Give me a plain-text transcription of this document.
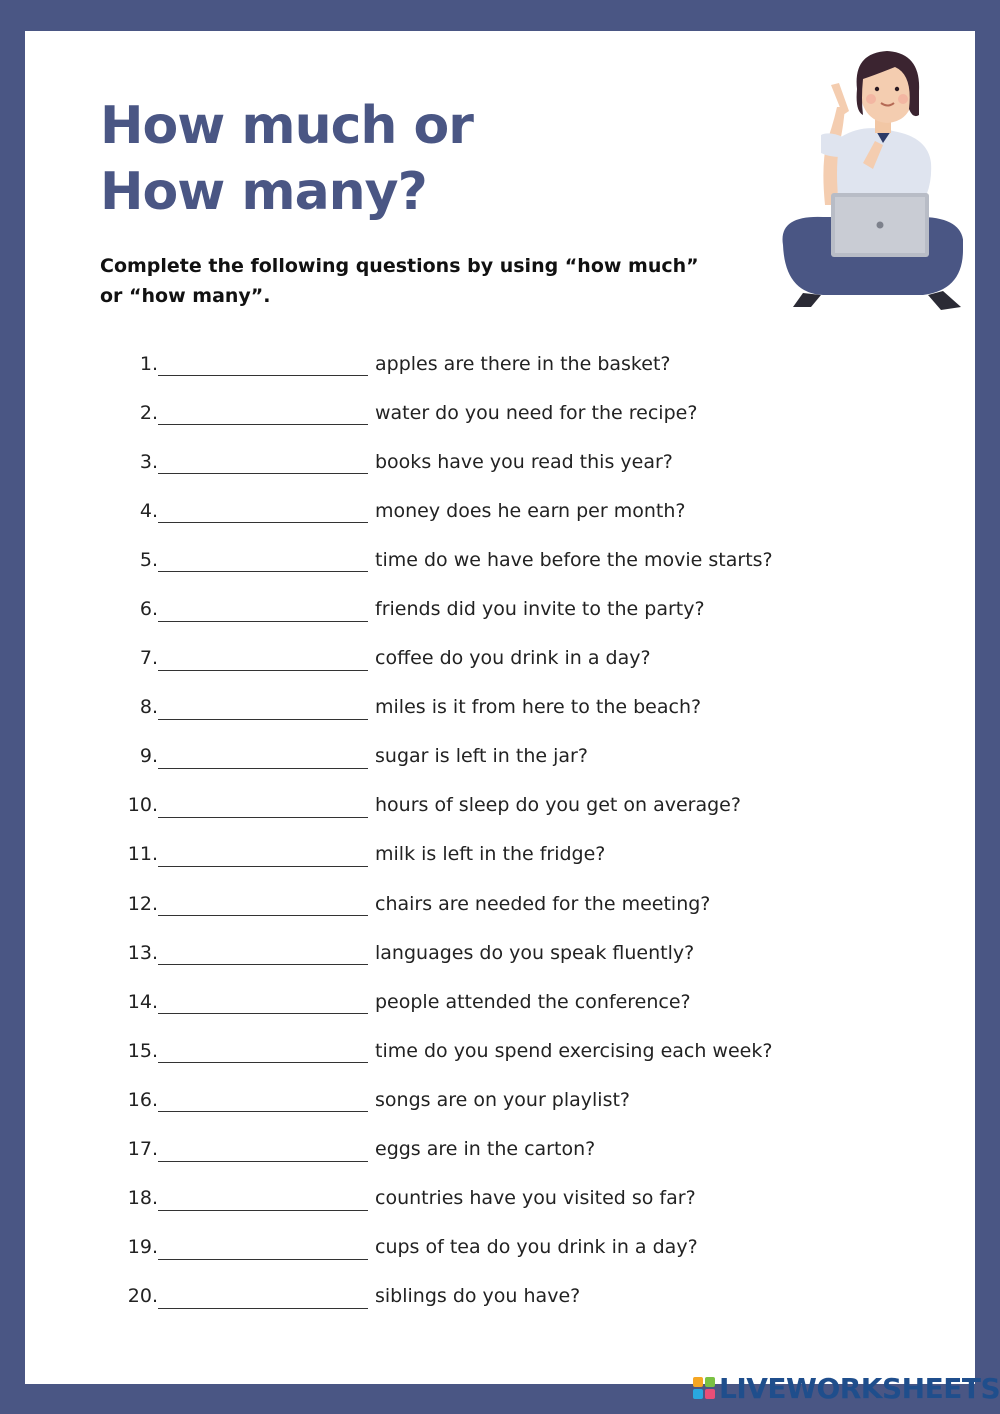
How much or
How many?

Complete the following questions by using “how much” or “how many”.

1.	apples are there in the basket?
2.	water do you need for the recipe?
3.	books have you read this year?
4.	money does he earn per month?
5.	time do we have before the movie starts?
6.	friends did you invite to the party?
7.	coffee do you drink in a day?
8.	miles is it from here to the beach?
9.	sugar is left in the jar?
10.	hours of sleep do you get on average?
11.	milk is left in the fridge?
12.	chairs are needed for the meeting?
13.	languages do you speak fluently?
14.	people attended the conference?
15.	time do you spend exercising each week?
16.	songs are on your playlist?
17.	eggs are in the carton?
18.	countries have you visited so far?
19.	cups of tea do you drink in a day?
20.	siblings do you have?
LIVEWORKSHEETS
